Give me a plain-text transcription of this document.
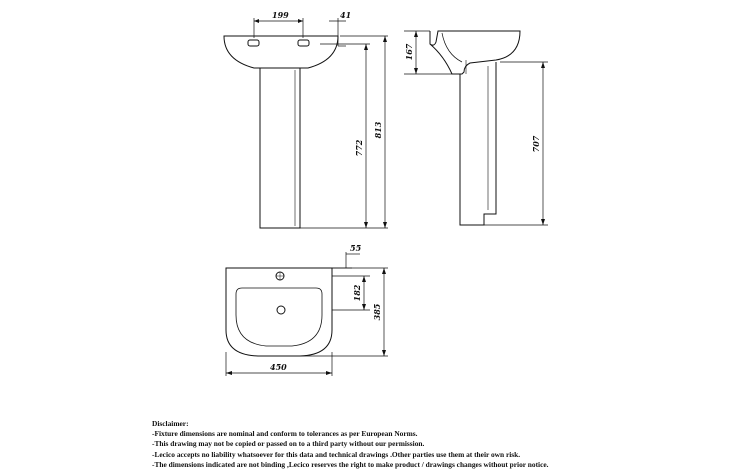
199	41
772
813
167
707
55
182
385
450
Disclaimer:
-Fixture dimensions are nominal and conform to tolerances as per European Norms.
-This drawing may not be copied or passed on to a third party without our permission.
-Lecico accepts no liability whatsoever for this data and technical drawings .Other parties use them at their own risk.
-The dimensions indicated are not binding ,Lecico reserves the right to make product / drawings changes without prior notice.
